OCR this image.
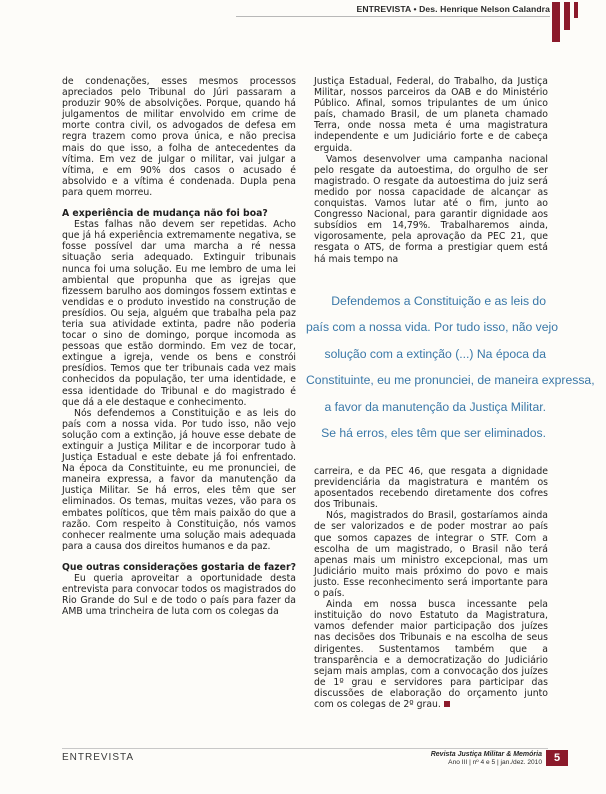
ENTREVISTA • Des. Henrique Nelson Calandra

de condenações, esses mesmos processos apreciados pelo Tribunal do Júri passaram a produzir 90% de absolvições. Porque, quando há julgamentos de militar envolvido em crime de morte contra civil, os advogados de defesa em regra trazem como prova única, e não precisa mais do que isso, a folha de antecedentes da vítima. Em vez de julgar o militar, vai julgar a vítima, e em 90% dos casos o acusado é absolvido e a vítima é condenada. Dupla pena para quem morreu.

A experiência de mudança não foi boa?

Estas falhas não devem ser repetidas. Acho que já há experiência extremamente negativa, se fosse possível dar uma marcha a ré nessa situação seria adequado. Extinguir tribunais nunca foi uma solução. Eu me lembro de uma lei ambiental que propunha que as igrejas que fizessem barulho aos domingos fossem extintas e vendidas e o produto investido na construção de presídios. Ou seja, alguém que trabalha pela paz teria sua atividade extinta, padre não poderia tocar o sino de domingo, porque incomoda as pessoas que estão dormindo. Em vez de tocar, extingue a igreja, vende os bens e constrói presídios. Temos que ter tribunais cada vez mais conhecidos da população, ter uma identidade, e essa identidade do Tribunal e do magistrado é que dá a ele destaque e conhecimento.

Nós defendemos a Constituição e as leis do país com a nossa vida. Por tudo isso, não vejo solução com a extinção, já houve esse debate de extinguir a Justiça Militar e de incorporar tudo à Justiça Estadual e este debate já foi enfrentado. Na época da Constituinte, eu me pronunciei, de maneira expressa, a favor da manutenção da Justiça Militar. Se há erros, eles têm que ser eliminados. Os temas, muitas vezes, vão para os embates políticos, que têm mais paixão do que a razão. Com respeito à Constituição, nós vamos conhecer realmente uma solução mais adequada para a causa dos direitos humanos e da paz.

Que outras considerações gostaria de fazer?

Eu queria aproveitar a oportunidade desta entrevista para convocar todos os magistrados do Rio Grande do Sul e de todo o país para fazer da AMB uma trincheira de luta com os colegas da

Justiça Estadual, Federal, do Trabalho, da Justiça Militar, nossos parceiros da OAB e do Ministério Público. Afinal, somos tripulantes de um único país, chamado Brasil, de um planeta chamado Terra, onde nossa meta é uma magistratura independente e um Judiciário forte e de cabeça erguida.

Vamos desenvolver uma campanha nacional pelo resgate da autoestima, do orgulho de ser magistrado. O resgate da autoestima do juiz será medido por nossa capacidade de alcançar as conquistas. Vamos lutar até o fim, junto ao Congresso Nacional, para garantir dignidade aos subsídios em 14,79%. Trabalharemos ainda, vigorosamente, pela aprovação da PEC 21, que resgata o ATS, de forma a prestigiar quem está há mais tempo na

Defendemos a Constituição e as leis do
país com a nossa vida. Por tudo isso, não vejo
solução com a extinção (...) Na época da
Constituinte, eu me pronunciei, de maneira expressa,
a favor da manutenção da Justiça Militar.
Se há erros, eles têm que ser eliminados.

carreira, e da PEC 46, que resgata a dignidade previdenciária da magistratura e mantém os aposentados recebendo diretamente dos cofres dos Tribunais.

Nós, magistrados do Brasil, gostaríamos ainda de ser valorizados e de poder mostrar ao país que somos capazes de integrar o STF. Com a escolha de um magistrado, o Brasil não terá apenas mais um ministro excepcional, mas um Judiciário muito mais próximo do povo e mais justo. Esse reconhecimento será importante para o país.

Ainda em nossa busca incessante pela instituição do novo Estatuto da Magistratura, vamos defender maior participação dos juízes nas decisões dos Tribunais e na escolha de seus dirigentes. Sustentamos também que a transparência e a democratização do Judiciário sejam mais amplas, com a convocação dos juízes de 1º grau e servidores para participar das discussões de elaboração do orçamento junto com os colegas de 2º grau.

ENTREVISTA	Revista Justiça Militar & Memória
Ano III | nº 4 e 5 | jan./dez. 2010	5
